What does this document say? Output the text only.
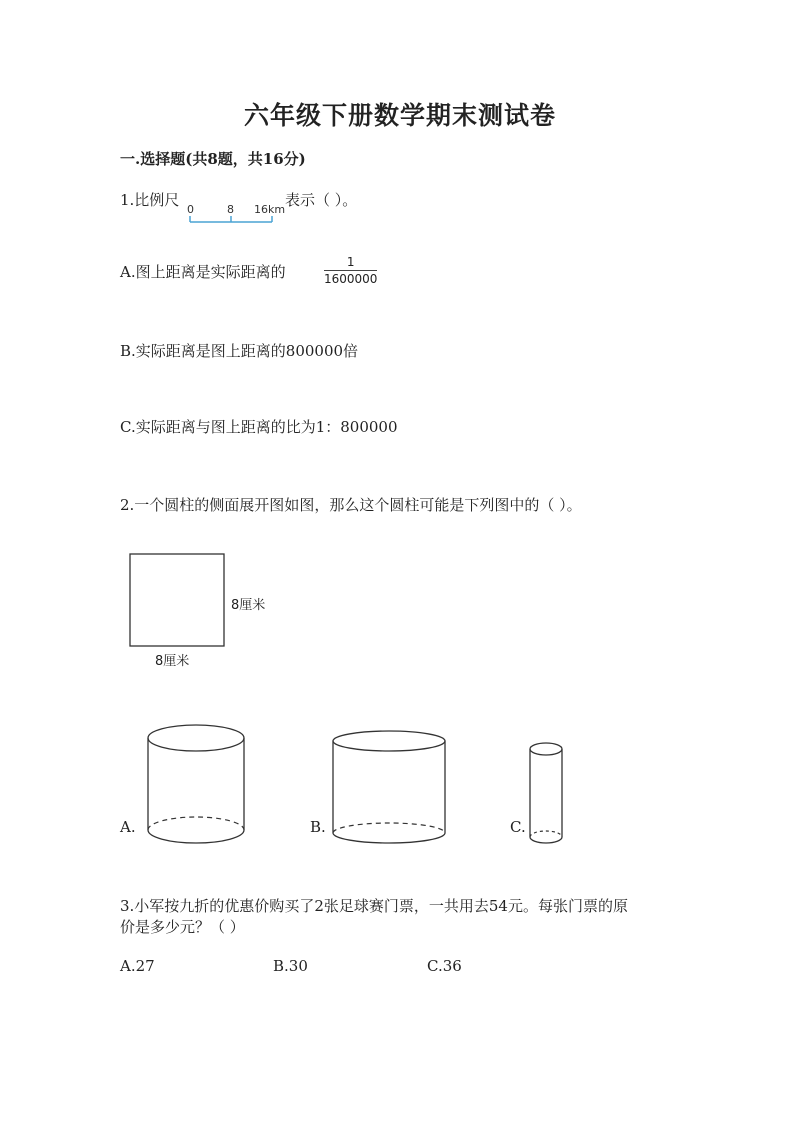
六年级下册数学期末测试卷
一.选择题(共8题，共16分)
1.比例尺
0	8 16km
表示（ ）。
A.图上距离是实际距离的
1
1600000
B.实际距离是图上距离的800000倍
C.实际距离与图上距离的比为1：800000
2.一个圆柱的侧面展开图如图，那么这个圆柱可能是下列图中的（ ）。
8厘米
8厘米
A.	B.	C.
3.小军按九折的优惠价购买了2张足球赛门票，一共用去54元。每张门票的原
价是多少元？（ ）
A.27	B.30	C.36
